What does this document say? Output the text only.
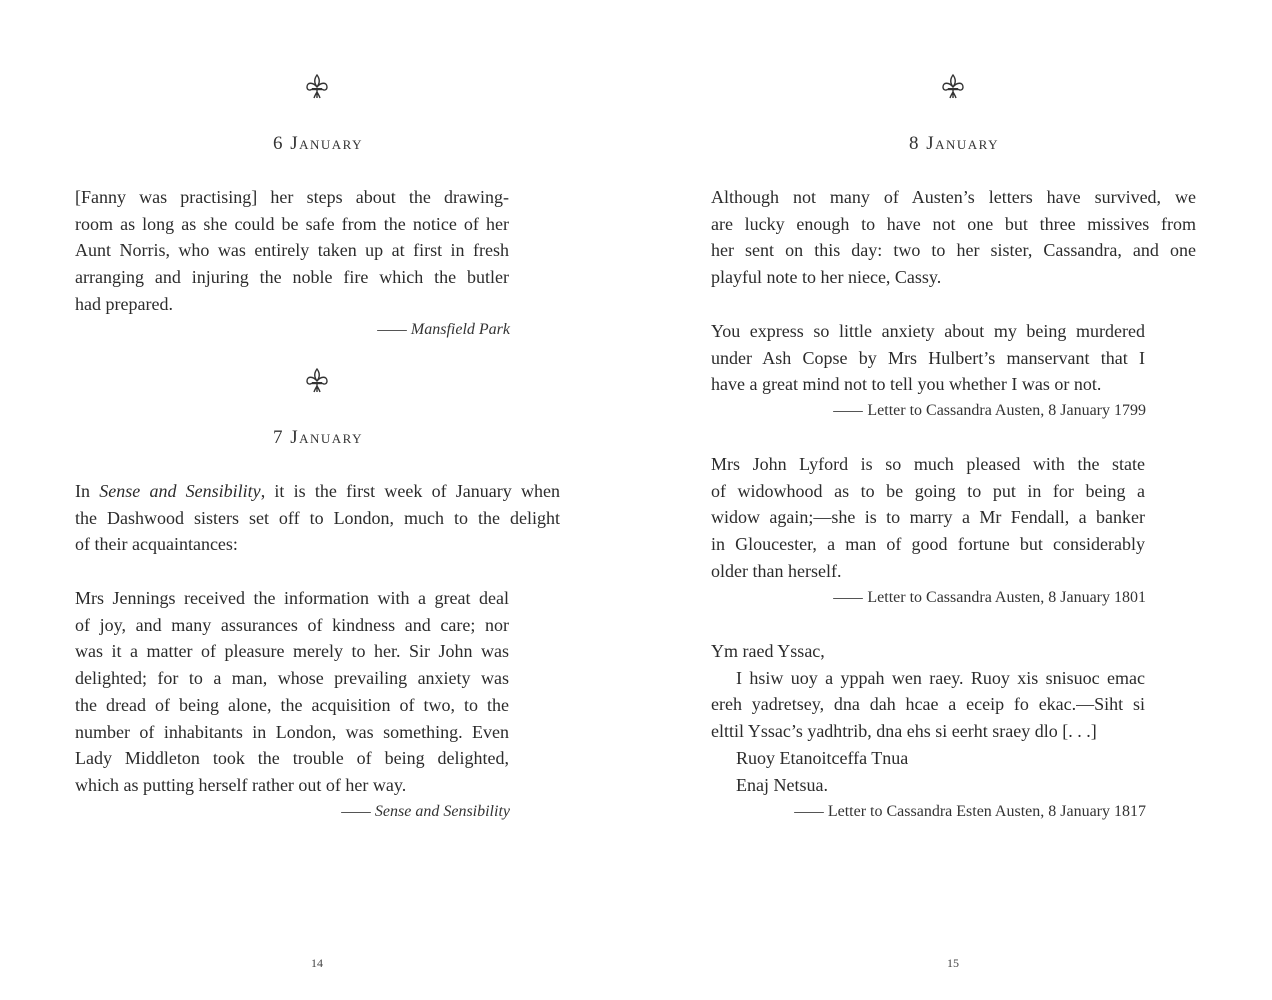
6 January
[Fanny was practising] her steps about the drawing-
room as long as she could be safe from the notice of her
Aunt Norris, who was entirely taken up at first in fresh
arranging and injuring the noble fire which the butler
had prepared.
Mansfield Park
7 January
In Sense and Sensibility, it is the first week of January when
the Dashwood sisters set off to London, much to the delight
of their acquaintances:
Mrs Jennings received the information with a great deal
of joy, and many assurances of kindness and care; nor
was it a matter of pleasure merely to her. Sir John was
delighted; for to a man, whose prevailing anxiety was
the dread of being alone, the acquisition of two, to the
number of inhabitants in London, was something. Even
Lady Middleton took the trouble of being delighted,
which as putting herself rather out of her way.
Sense and Sensibility
14
8 January
Although not many of Austen’s letters have survived, we
are lucky enough to have not one but three missives from
her sent on this day: two to her sister, Cassandra, and one
playful note to her niece, Cassy.
You express so little anxiety about my being murdered
under Ash Copse by Mrs Hulbert’s manservant that I
have a great mind not to tell you whether I was or not.
Letter to Cassandra Austen, 8 January 1799
Mrs John Lyford is so much pleased with the state
of widowhood as to be going to put in for being a
widow again;—she is to marry a Mr Fendall, a banker
in Gloucester, a man of good fortune but considerably
older than herself.
Letter to Cassandra Austen, 8 January 1801
Ym raed Yssac,
I hsiw uoy a yppah wen raey. Ruoy xis snisuoc emac
ereh yadretsey, dna dah hcae a eceip fo ekac.—Siht si
elttil Yssac’s yadhtrib, dna ehs si eerht sraey dlo [. . .]
Ruoy Etanoitceffa Tnua
Enaj Netsua.
Letter to Cassandra Esten Austen, 8 January 1817
15
